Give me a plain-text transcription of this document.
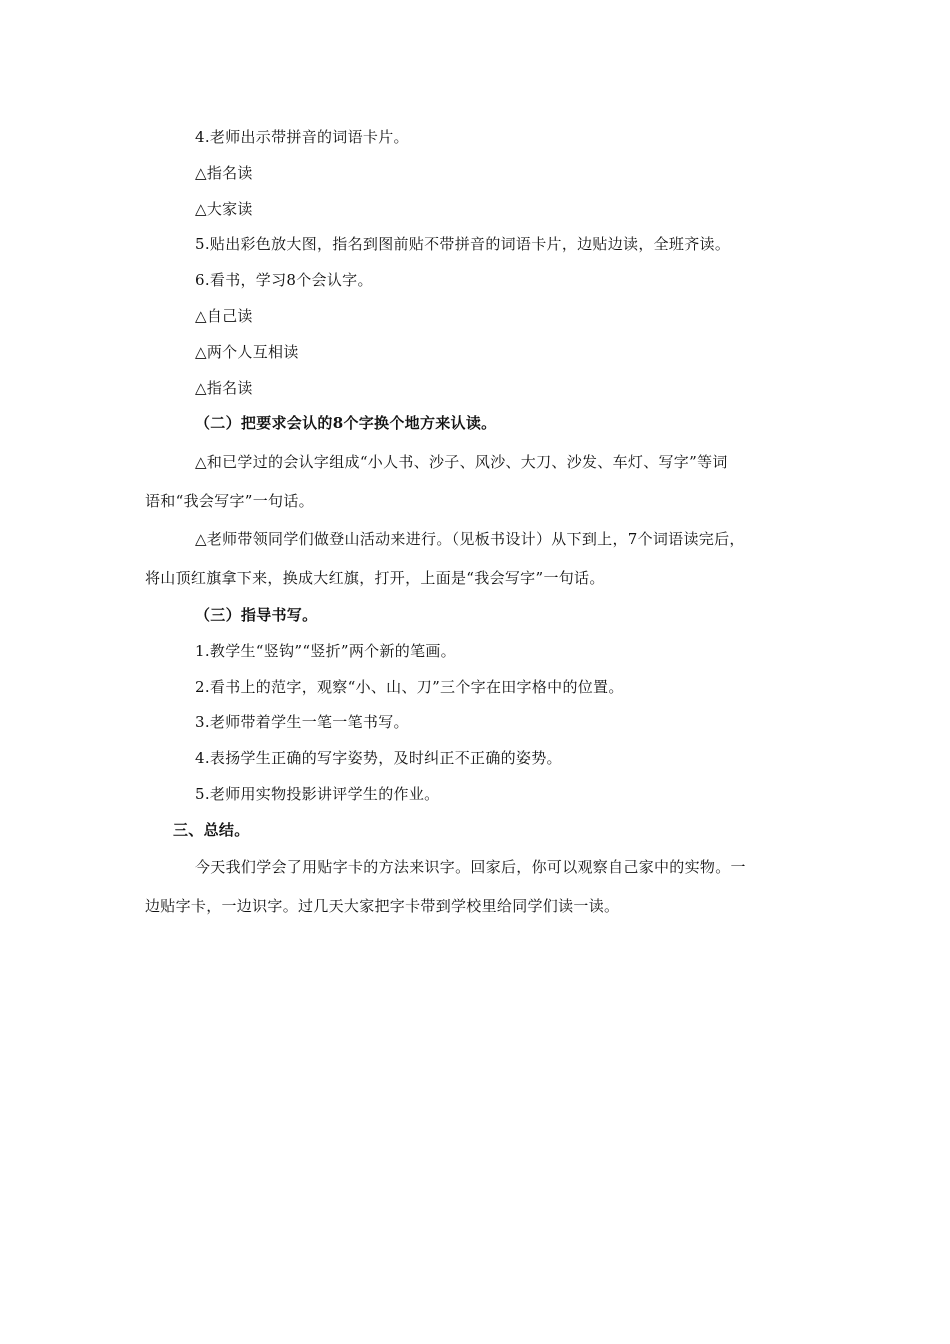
4.老师出示带拼音的词语卡片。
△指名读
△大家读
5.贴出彩色放大图，指名到图前贴不带拼音的词语卡片，边贴边读，全班齐读。
6.看书，学习8个会认字。
△自己读
△两个人互相读
△指名读
（二）把要求会认的8个字换个地方来认读。
△和已学过的会认字组成“小人书、沙子、风沙、大刀、沙发、车灯、写字”等词
语和“我会写字”一句话。
△老师带领同学们做登山活动来进行。（见板书设计）从下到上，7个词语读完后，
将山顶红旗拿下来，换成大红旗，打开，上面是“我会写字”一句话。
（三）指导书写。
1.教学生“竖钩”“竖折”两个新的笔画。
2.看书上的范字，观察“小、山、刀”三个字在田字格中的位置。
3.老师带着学生一笔一笔书写。
4.表扬学生正确的写字姿势，及时纠正不正确的姿势。
5.老师用实物投影讲评学生的作业。
三、总结。
今天我们学会了用贴字卡的方法来识字。回家后，你可以观察自己家中的实物。一
边贴字卡，一边识字。过几天大家把字卡带到学校里给同学们读一读。
